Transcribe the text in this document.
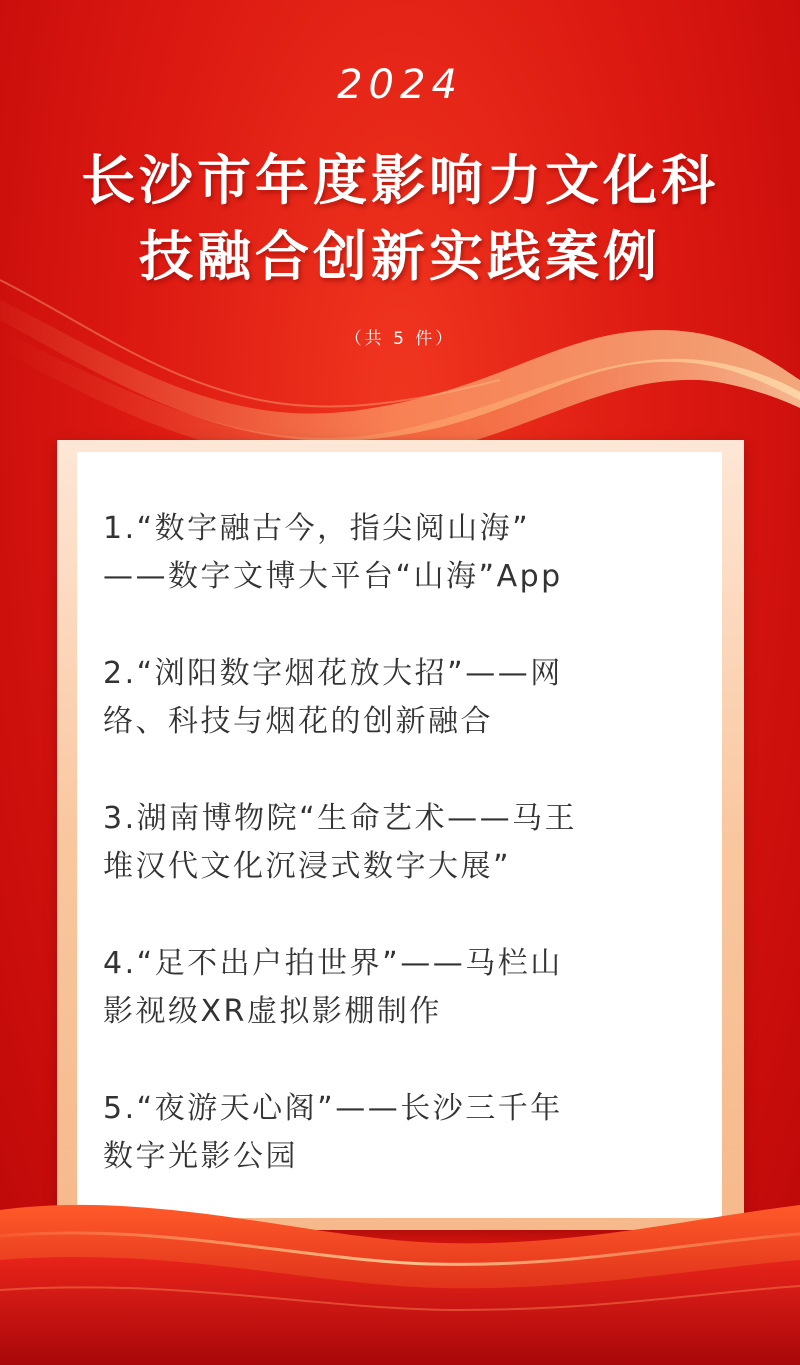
2024
长沙市年度影响力文化科
技融合创新实践案例
（共 5 件）
1.“数字融古今，指尖阅山海”
——数字文博大平台“山海”App
2.“浏阳数字烟花放大招”——网
络、科技与烟花的创新融合
3.湖南博物院“生命艺术——马王
堆汉代文化沉浸式数字大展”
4.“足不出户拍世界”——马栏山
影视级XR虚拟影棚制作
5.“夜游天心阁”——长沙三千年
数字光影公园
